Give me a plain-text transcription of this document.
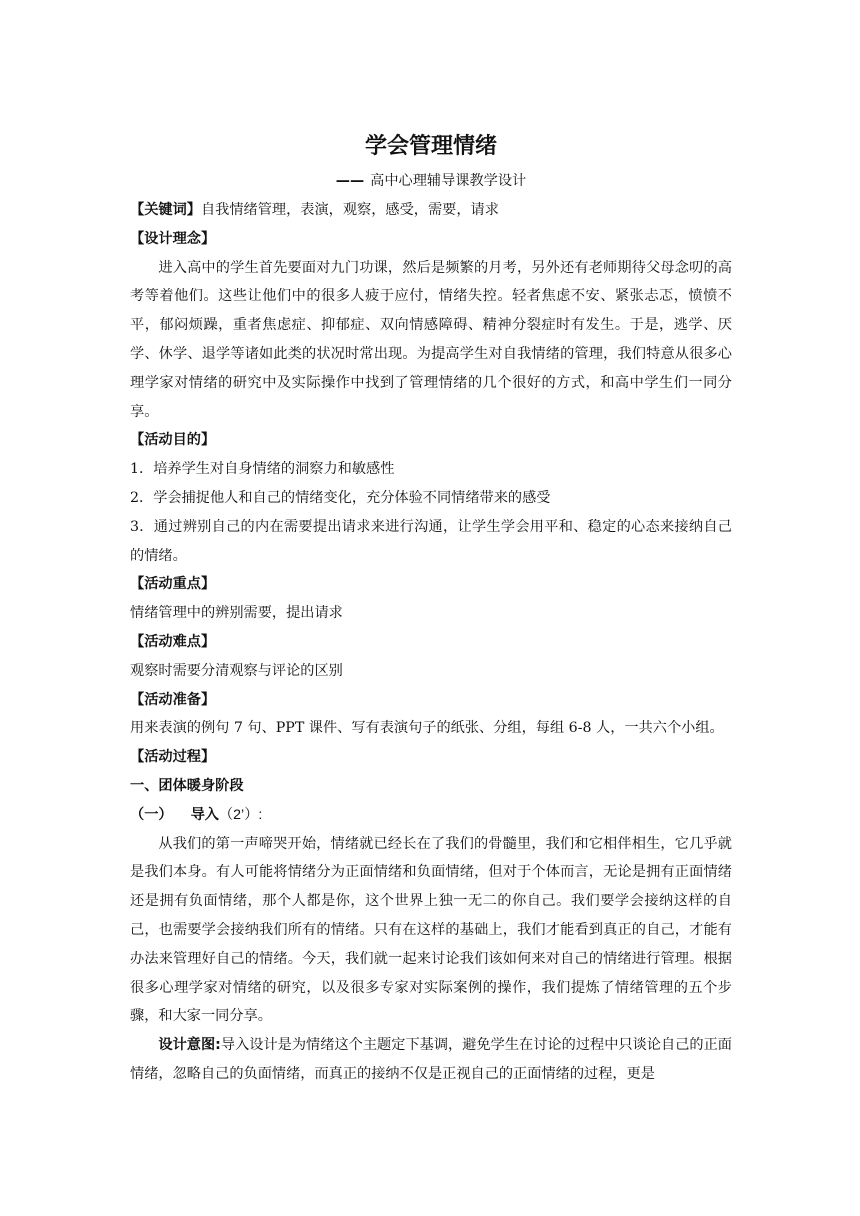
学会管理情绪
—— 高中心理辅导课教学设计
【关键词】自我情绪管理，表演，观察，感受，需要，请求
【设计理念】

进入高中的学生首先要面对九门功课，然后是频繁的月考，另外还有老师期待父母念叨的高考等着他们。这些让他们中的很多人疲于应付，情绪失控。轻者焦虑不安、紧张忐忑，愤愤不平，郁闷烦躁，重者焦虑症、抑郁症、双向情感障碍、精神分裂症时有发生。于是，逃学、厌学、休学、退学等诸如此类的状况时常出现。为提高学生对自我情绪的管理，我们特意从很多心理学家对情绪的研究中及实际操作中找到了管理情绪的几个很好的方式，和高中学生们一同分享。

【活动目的】

1．培养学生对自身情绪的洞察力和敏感性

2．学会捕捉他人和自己的情绪变化，充分体验不同情绪带来的感受

3．通过辨别自己的内在需要提出请求来进行沟通，让学生学会用平和、稳定的心态来接纳自己的情绪。

【活动重点】
情绪管理中的辨别需要，提出请求
【活动难点】
观察时需要分清观察与评论的区别
【活动准备】
用来表演的例句 7 句、PPT 课件、写有表演句子的纸张、分组，每组 6-8 人，一共六个小组。
【活动过程】
一、团体暖身阶段
（一） 导入（2’）:

从我们的第一声啼哭开始，情绪就已经长在了我们的骨髓里，我们和它相伴相生，它几乎就是我们本身。有人可能将情绪分为正面情绪和负面情绪，但对于个体而言，无论是拥有正面情绪还是拥有负面情绪，那个人都是你，这个世界上独一无二的你自己。我们要学会接纳这样的自己，也需要学会接纳我们所有的情绪。只有在这样的基础上，我们才能看到真正的自己，才能有办法来管理好自己的情绪。今天，我们就一起来讨论我们该如何来对自己的情绪进行管理。根据很多心理学家对情绪的研究，以及很多专家对实际案例的操作，我们提炼了情绪管理的五个步骤，和大家一同分享。

设计意图:导入设计是为情绪这个主题定下基调，避免学生在讨论的过程中只谈论自己的正面情绪，忽略自己的负面情绪，而真正的接纳不仅是正视自己的正面情绪的过程，更是
